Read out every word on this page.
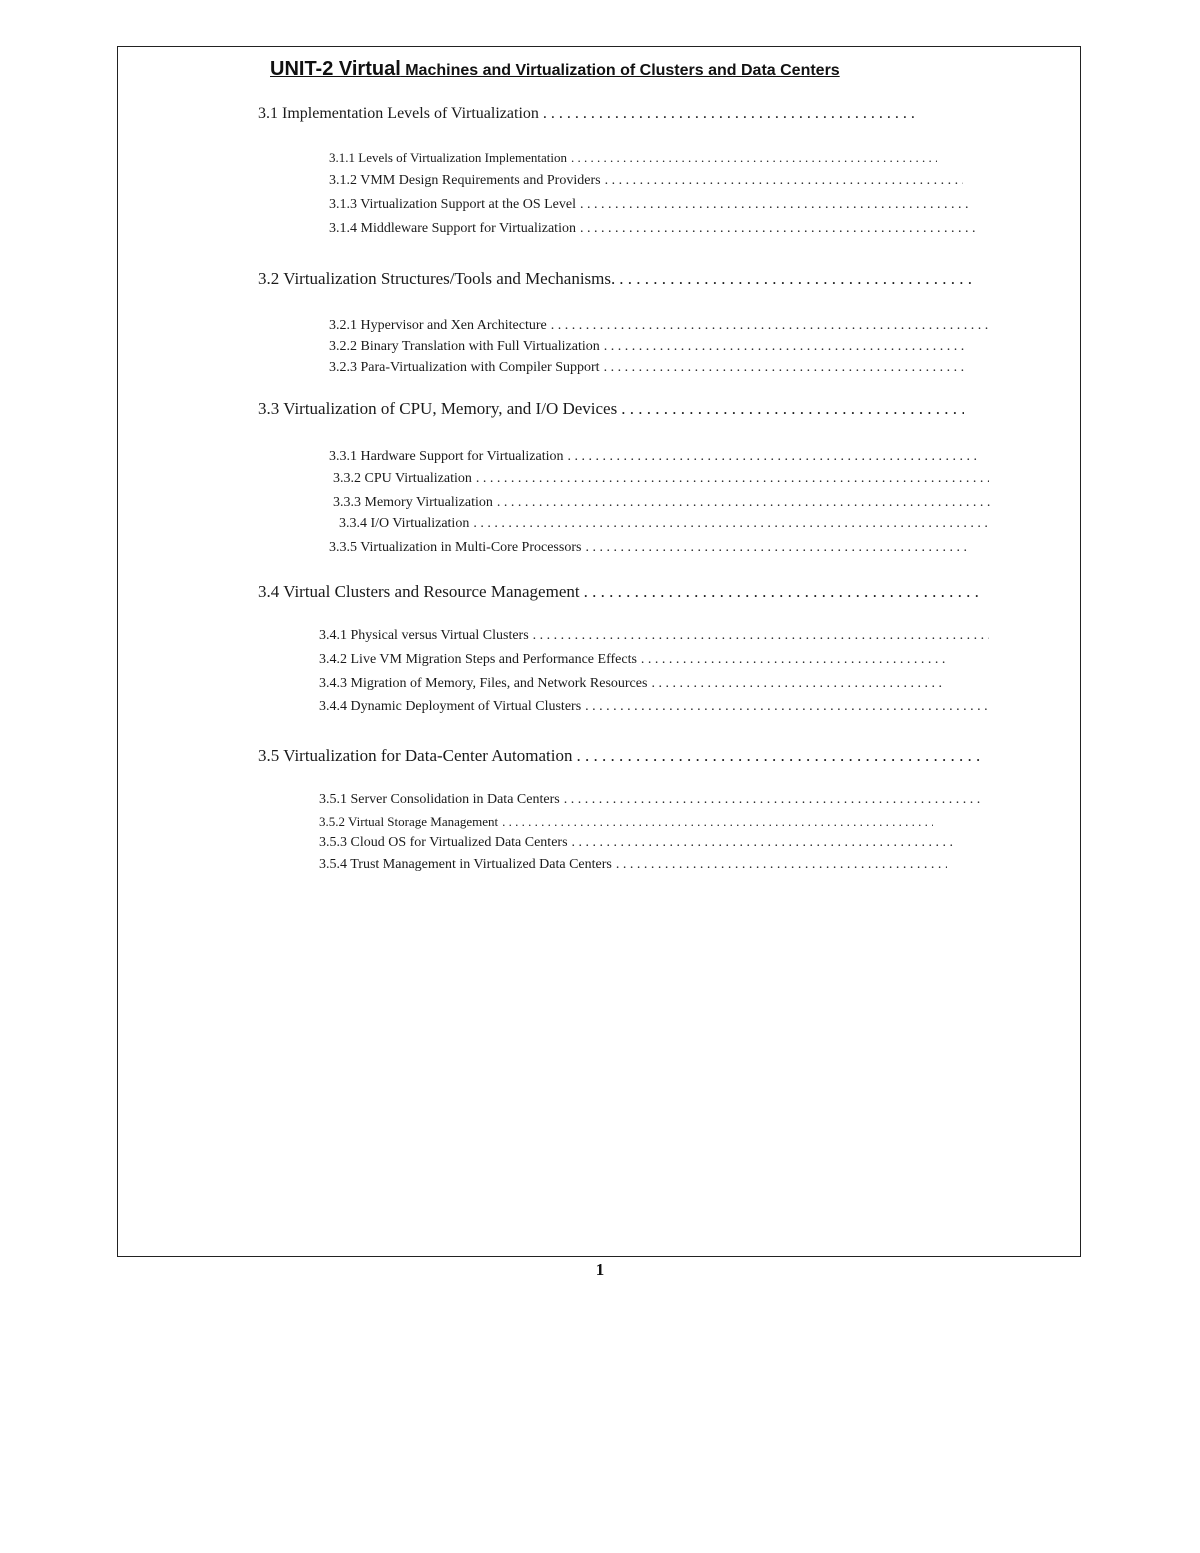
UNIT-2 Virtual Machines and Virtualization of Clusters and Data Centers
3.1 Implementation Levels of Virtualization
. . .
3.1.1 Levels of Virtualization Implementation
. . .
3.1.2 VMM Design Requirements and Providers
. . .
3.1.3 Virtualization Support at the OS Level
. . .
3.1.4 Middleware Support for Virtualization
. . .
3.2 Virtualization Structures/Tools and Mechanisms.
. . .
3.2.1 Hypervisor and Xen Architecture
. . .
3.2.2 Binary Translation with Full Virtualization
. . .
3.2.3 Para-Virtualization with Compiler Support
. . .
3.3 Virtualization of CPU, Memory, and I/O Devices
. . .
3.3.1 Hardware Support for Virtualization
. . .
3.3.2 CPU Virtualization
. . .
3.3.3 Memory Virtualization
. . .
3.3.4 I/O Virtualization
. . .
3.3.5 Virtualization in Multi-Core Processors
. . .
3.4 Virtual Clusters and Resource Management
. . .
3.4.1 Physical versus Virtual Clusters
. . .
3.4.2 Live VM Migration Steps and Performance Effects
. . .
3.4.3 Migration of Memory, Files, and Network Resources
. . .
3.4.4 Dynamic Deployment of Virtual Clusters
. . .
3.5 Virtualization for Data-Center Automation
. . .
3.5.1 Server Consolidation in Data Centers
. . .
3.5.2 Virtual Storage Management
. . .
3.5.3 Cloud OS for Virtualized Data Centers
. . .
3.5.4 Trust Management in Virtualized Data Centers
. . .
1
